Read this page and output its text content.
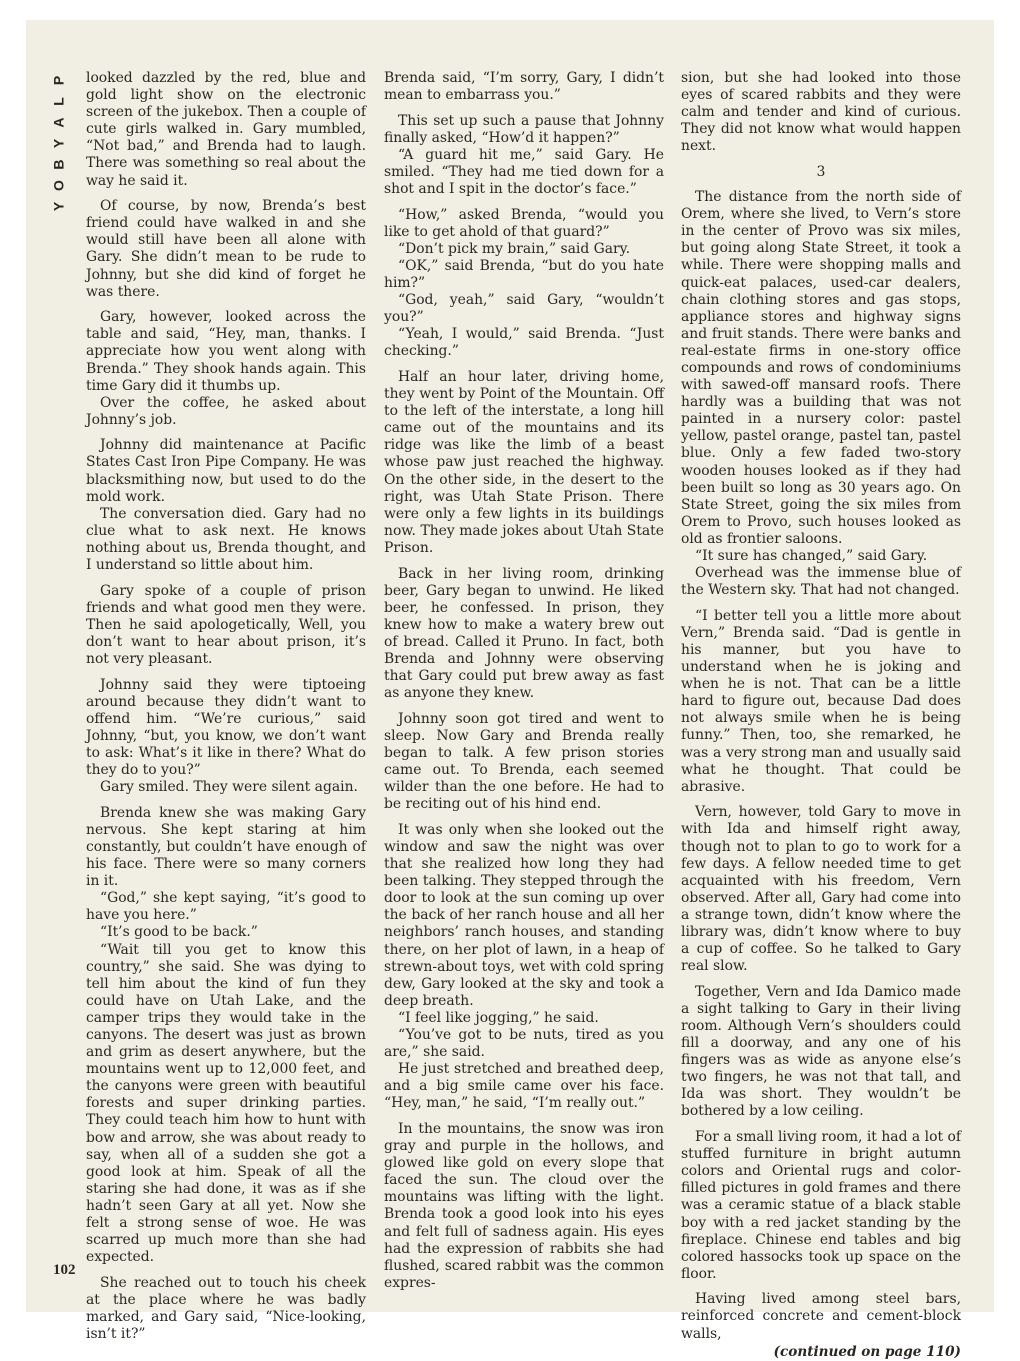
P
L
A
Y
B
O
Y

looked dazzled by the red, blue and gold light show on the electronic screen of the jukebox. Then a couple of cute girls walked in. Gary mumbled, “Not bad,” and Brenda had to laugh. There was something so real about the way he said it.

Of course, by now, Brenda’s best friend could have walked in and she would still have been all alone with Gary. She didn’t mean to be rude to Johnny, but she did kind of forget he was there.

Gary, however, looked across the table and said, “Hey, man, thanks. I appreciate how you went along with Brenda.” They shook hands again. This time Gary did it thumbs up.

Over the coffee, he asked about Johnny’s job.

Johnny did maintenance at Pacific States Cast Iron Pipe Company. He was blacksmithing now, but used to do the mold work.

The conversation died. Gary had no clue what to ask next. He knows nothing about us, Brenda thought, and I understand so little about him.

Gary spoke of a couple of prison friends and what good men they were. Then he said apologetically, Well, you don’t want to hear about prison, it’s not very pleasant.

Johnny said they were tiptoeing around because they didn’t want to offend him. “We’re curious,” said Johnny, “but, you know, we don’t want to ask: What’s it like in there? What do they do to you?”

Gary smiled. They were silent again.

Brenda knew she was making Gary nervous. She kept staring at him constantly, but couldn’t have enough of his face. There were so many corners in it.

“God,” she kept saying, “it’s good to have you here.”

“It’s good to be back.”

“Wait till you get to know this country,” she said. She was dying to tell him about the kind of fun they could have on Utah Lake, and the camper trips they would take in the canyons. The desert was just as brown and grim as desert anywhere, but the mountains went up to 12,000 feet, and the canyons were green with beautiful forests and super drinking parties. They could teach him how to hunt with bow and arrow, she was about ready to say, when all of a sudden she got a good look at him. Speak of all the staring she had done, it was as if she hadn’t seen Gary at all yet. Now she felt a strong sense of woe. He was scarred up much more than she had expected.

She reached out to touch his cheek at the place where he was badly marked, and Gary said, “Nice-looking, isn’t it?”

Brenda said, “I’m sorry, Gary, I didn’t mean to embarrass you.”

This set up such a pause that Johnny finally asked, “How’d it happen?”

“A guard hit me,” said Gary. He smiled. “They had me tied down for a shot and I spit in the doctor’s face.”

“How,” asked Brenda, “would you like to get ahold of that guard?”

“Don’t pick my brain,” said Gary.

“OK,” said Brenda, “but do you hate him?”

“God, yeah,” said Gary, “wouldn’t you?”

“Yeah, I would,” said Brenda. “Just checking.”

Half an hour later, driving home, they went by Point of the Mountain. Off to the left of the interstate, a long hill came out of the mountains and its ridge was like the limb of a beast whose paw just reached the highway. On the other side, in the desert to the right, was Utah State Prison. There were only a few lights in its buildings now. They made jokes about Utah State Prison.

Back in her living room, drinking beer, Gary began to unwind. He liked beer, he confessed. In prison, they knew how to make a watery brew out of bread. Called it Pruno. In fact, both Brenda and Johnny were observing that Gary could put brew away as fast as anyone they knew.

Johnny soon got tired and went to sleep. Now Gary and Brenda really began to talk. A few prison stories came out. To Brenda, each seemed wilder than the one before. He had to be reciting out of his hind end.

It was only when she looked out the window and saw the night was over that she realized how long they had been talking. They stepped through the door to look at the sun coming up over the back of her ranch house and all her neighbors’ ranch houses, and standing there, on her plot of lawn, in a heap of strewn-about toys, wet with cold spring dew, Gary looked at the sky and took a deep breath.

“I feel like jogging,” he said.

“You’ve got to be nuts, tired as you are,” she said.

He just stretched and breathed deep, and a big smile came over his face. “Hey, man,” he said, “I’m really out.”

In the mountains, the snow was iron gray and purple in the hollows, and glowed like gold on every slope that faced the sun. The cloud over the mountains was lifting with the light. Brenda took a good look into his eyes and felt full of sadness again. His eyes had the expression of rabbits she had flushed, scared rabbit was the common expres-

sion, but she had looked into those eyes of scared rabbits and they were calm and tender and kind of curious. They did not know what would happen next.

3

The distance from the north side of Orem, where she lived, to Vern’s store in the center of Provo was six miles, but going along State Street, it took a while. There were shopping malls and quick-eat palaces, used-car dealers, chain clothing stores and gas stops, appliance stores and highway signs and fruit stands. There were banks and real-estate firms in one-story office compounds and rows of condominiums with sawed-off mansard roofs. There hardly was a building that was not painted in a nursery color: pastel yellow, pastel orange, pastel tan, pastel blue. Only a few faded two-story wooden houses looked as if they had been built so long as 30 years ago. On State Street, going the six miles from Orem to Provo, such houses looked as old as frontier saloons.

“It sure has changed,” said Gary.

Overhead was the immense blue of the Western sky. That had not changed.

“I better tell you a little more about Vern,” Brenda said. “Dad is gentle in his manner, but you have to understand when he is joking and when he is not. That can be a little hard to figure out, because Dad does not always smile when he is being funny.” Then, too, she remarked, he was a very strong man and usually said what he thought. That could be abrasive.

Vern, however, told Gary to move in with Ida and himself right away, though not to plan to go to work for a few days. A fellow needed time to get acquainted with his freedom, Vern observed. After all, Gary had come into a strange town, didn’t know where the library was, didn’t know where to buy a cup of coffee. So he talked to Gary real slow.

Together, Vern and Ida Damico made a sight talking to Gary in their living room. Although Vern’s shoulders could fill a doorway, and any one of his fingers was as wide as anyone else’s two fingers, he was not that tall, and Ida was short. They wouldn’t be bothered by a low ceiling.

For a small living room, it had a lot of stuffed furniture in bright autumn colors and Oriental rugs and color-filled pictures in gold frames and there was a ceramic statue of a black stable boy with a red jacket standing by the fireplace. Chinese end tables and big colored hassocks took up space on the floor.

Having lived among steel bars, reinforced concrete and cement-block walls,

(continued on page 110)
102
